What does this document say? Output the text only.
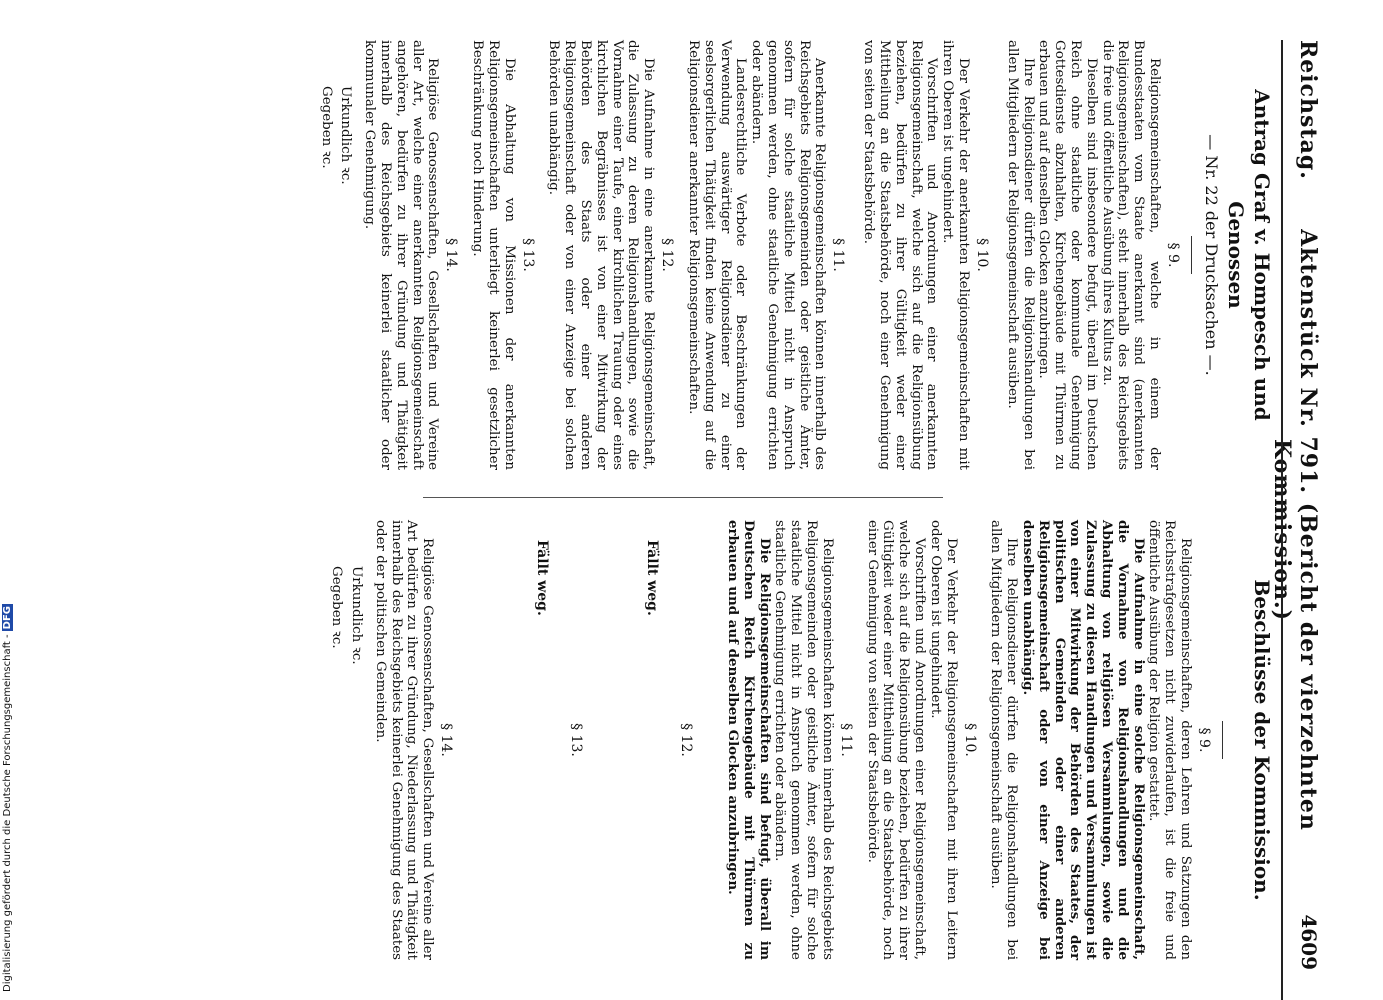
Reichstag.
Aktenstück Nr. 791. (Bericht der vierzehnten Kommission.)
4609
Antrag Graf v. Hompesch und Genossen
— Nr. 22 der Drucksachen —.
§ 9.

Religionsgemeinschaften, welche in einem der Bundesstaaten vom Staate anerkannt sind (anerkannten Religionsgemeinschaften), steht innerhalb des Reichsgebiets die freie und öffentliche Ausübung ihres Kultus zu.

Dieselben sind insbesondere befugt, überall im Deutschen Reich ohne staatliche oder kommunale Genehmigung Gottesdienste abzuhalten, Kirchengebäude mit Thürmen zu erbauen und auf denselben Glocken anzubringen.

Ihre Religionsdiener dürfen die Religionshandlungen bei allen Mitgliedern der Religionsgemeinschaft ausüben.

§ 10.

Der Verkehr der anerkannten Religionsgemeinschaften mit ihren Oberen ist ungehindert.

Vorschriften und Anordnungen einer anerkannten Religionsgemeinschaft, welche sich auf die Religionsübung beziehen, bedürfen zu ihrer Gültigkeit weder einer Mittheilung an die Staatsbehörde, noch einer Genehmigung von seiten der Staatsbehörde.

§ 11.

Anerkannte Religionsgemeinschaften können innerhalb des Reichsgebiets Religionsgemeinden oder geistliche Ämter, sofern für solche staatliche Mittel nicht in Anspruch genommen werden, ohne staatliche Genehmigung errichten oder abändern.

Landesrechtliche Verbote oder Beschränkungen der Verwendung auswärtiger Religionsdiener zu einer seelsorgerlichen Thätigkeit finden keine Anwendung auf die Religionsdiener anerkannter Religionsgemeinschaften.

§ 12.

Die Aufnahme in eine anerkannte Religionsgemeinschaft, die Zulassung zu deren Religionshandlungen, sowie die Vornahme einer Taufe, einer kirchlichen Trauung oder eines kirchlichen Begräbnisses ist von einer Mitwirkung der Behörden des Staats oder einer anderen Religionsgemeinschaft oder von einer Anzeige bei solchen Behörden unabhängig.

§ 13.

Die Abhaltung von Missionen der anerkannten Religionsgemeinschaften unterliegt keinerlei gesetzlicher Beschränkung noch Hinderung.

§ 14.

Religiöse Genossenschaften, Gesellschaften und Vereine aller Art, welche einer anerkannten Religionsgemeinschaft angehören, bedürfen zu ihrer Gründung und Thätigkeit innerhalb des Reichsgebiets keinerlei staatlicher oder kommunaler Genehmigung.

Urkundlich ꝛc.
Gegeben ꝛc.
Beschlüsse der Kommission.
§ 9.

Religionsgemeinschaften, deren Lehren und Satzungen den Reichsstrafgesetzen nicht zuwiderlaufen, ist die freie und öffentliche Ausübung der Religion gestattet.

Die Aufnahme in eine solche Religionsgemeinschaft, die Vornahme von Religionshandlungen und die Abhaltung von religiösen Versammlungen, sowie die Zulassung zu diesen Handlungen und Versammlungen ist von einer Mitwirkung der Behörden des Staates, der politischen Gemeinden oder einer anderen Religionsgemeinschaft oder von einer Anzeige bei denselben unabhängig.

Ihre Religionsdiener dürfen die Religionshandlungen bei allen Mitgliedern der Religionsgemeinschaft ausüben.

§ 10.

Der Verkehr der Religionsgemeinschaften mit ihren Leitern oder Oberen ist ungehindert.

Vorschriften und Anordnungen einer Religionsgemeinschaft, welche sich auf die Religionsübung beziehen, bedürfen zu ihrer Gültigkeit weder einer Mittheilung an die Staatsbehörde, noch einer Genehmigung von seiten der Staatsbehörde.

§ 11.

Religionsgemeinschaften können innerhalb des Reichsgebiets Religionsgemeinden oder geistliche Ämter, sofern für solche staatliche Mittel nicht in Anspruch genommen werden, ohne staatliche Genehmigung errichten oder abändern.

Die Religionsgemeinschaften sind befugt, überall im Deutschen Reich Kirchengebäude mit Thürmen zu erbauen und auf denselben Glocken anzubringen.

§ 12.
Fällt weg.
§ 13.
Fällt weg.
§ 14.

Religiöse Genossenschaften, Gesellschaften und Vereine aller Art bedürfen zu ihrer Gründung, Niederlassung und Thätigkeit innerhalb des Reichsgebiets keinerlei Genehmigung des Staates oder der politischen Gemeinden.

Urkundlich ꝛc.
Gegeben ꝛc.
Digitalisierung gefördert durch die Deutsche Forschungsgemeinschaft -DFG
